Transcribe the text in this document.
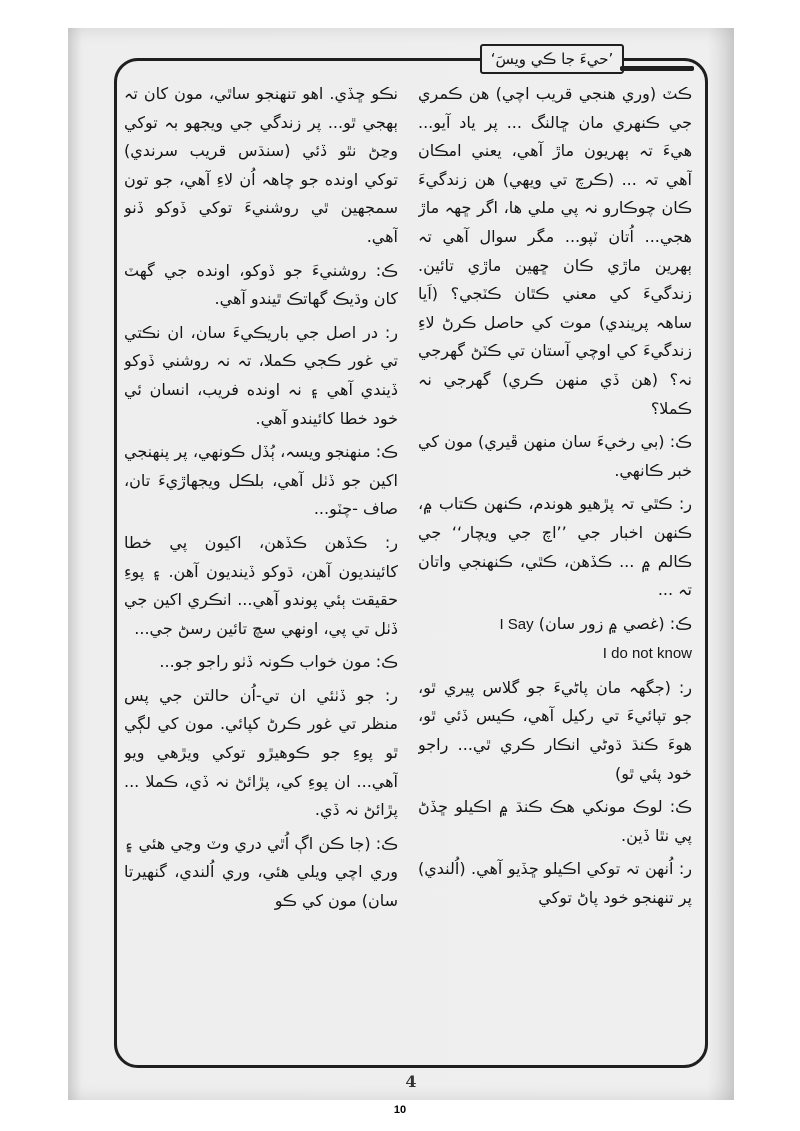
’حيءَ جا ڪي ويسَ‘

ڪٽ (وري هنجي قريب اچي) هن ڪمري جي ڪنهري مان ڇالنگ ... پر ياد آيو... هيءَ تہ ٻهريون ماڙ آهي، يعني امڪان آهي تہ ... (ڪرچ تي ويهي) هن زندگيءَ ڪان چوڪارو نہ پي ملي ها، اگر ڇهہ ماڙ هجي... اُتان ٽپو... مگر سوال آهي تہ ٻهرين ماڙي ڪان ڇهين ماڙي تائين. زندگيءَ کي معني ڪٿان ڪٽجي؟ (اَيا ساهہ پريندي) موت کي حاصل ڪرڻ لاءِ زندگيءَ کي اوچي آستان تي ڪٽڻ گهرجي نہ؟ (هن ڏي منهن ڪري) گهرجي نہ ڪملا؟

ڪ: (بي رخيءَ سان منهن ڦيري) مون کي خبر ڪانهي.

ر: ڪٿي تہ پڙهيو هوندم، ڪنهن ڪتاب ۾، ڪنهن اخبار جي ’’اچ جي ويچار‘‘ جي ڪالم ۾ ... ڪڏهن، ڪٿي، ڪنهنجي واتان تہ ...

ڪ: (غصي ۾ زور سان) I Say
I do not know

ر: (جگهہ مان پاڻيءَ جو گلاس پيري ٿو، جو تپائيءَ تي رکيل آهي، ڪيس ڏئي ٿو، هوءَ ڪنڌ ڌوڻي انڪار ڪري ٿي... راجو خود پئي ٿو)

ڪ: لوڪ مونکي هڪ ڪنڌ ۾ اڪيلو ڇڏڻ پي نٿا ڏين.

ر: اُنهن تہ توکي اڪيلو ڇڏيو آهي. (اُلندي) پر تنهنجو خود پاڻ توکي

نڪو ڇڏي. اهو تنهنجو ساٿي، مون کان تہ ٻهجي ٿو... پر زندگي جي ويجهو بہ توکي وڃڻ نٿو ڏئي (سنڌس قريب سرندي) توکي اونده جو چاهہ اُن لاءِ آهي، جو تون سمجهين ٿي روشنيءَ توکي ڏوکو ڏنو آهي.

ڪ: روشنيءَ جو ڏوکو، اونده جي گهٽ کان وڌيڪ گهاتڪ ٿيندو آهي.

ر: در اصل جي باريڪيءَ سان، ان نڪتي تي غور ڪجي ڪملا، تہ نہ روشني ڏوکو ڏيندي آهي ۽ نہ اونده فريب، انسان ئي خود خطا کائيندو آهي.

ڪ: منهنجو ويسہ، ٻُڏل ڪونهي، پر پنهنجي اکين جو ڏٺل آهي، بلڪل ويجهاڙيءَ تان، صاف -چٽو...

ر: ڪڏهن ڪڏهن، اکيون پي خطا کائينديون آهن، ڌوکو ڏينديون آهن. ۽ پوءِ حقيقت ٻئي پوندو آهي... انڪري اکين جي ڏٺل تي پي، اونهي سچ تائين رسڻ جي...

ڪ: مون خواب ڪونہ ڏٺو راجو جو...

ر: جو ڏٺئي ان تي-اُن حالتن جي پس منظر تي غور ڪرڻ کپائي. مون کي لڳي ٿو پوءِ جو ڪوهيڙو توکي ويڙهي ويو آهي... ان پوءِ کي، پڙائڻ نہ ڏي، ڪملا ... پڙائڻ نہ ڏي.

ڪ: (جا ڪن اڳ اُٿي دري وٽ وڃي هئي ۽ وري اچي ويلي هئي، وري اُلندي، گنهيرتا سان) مون کي ڪو

4
10
